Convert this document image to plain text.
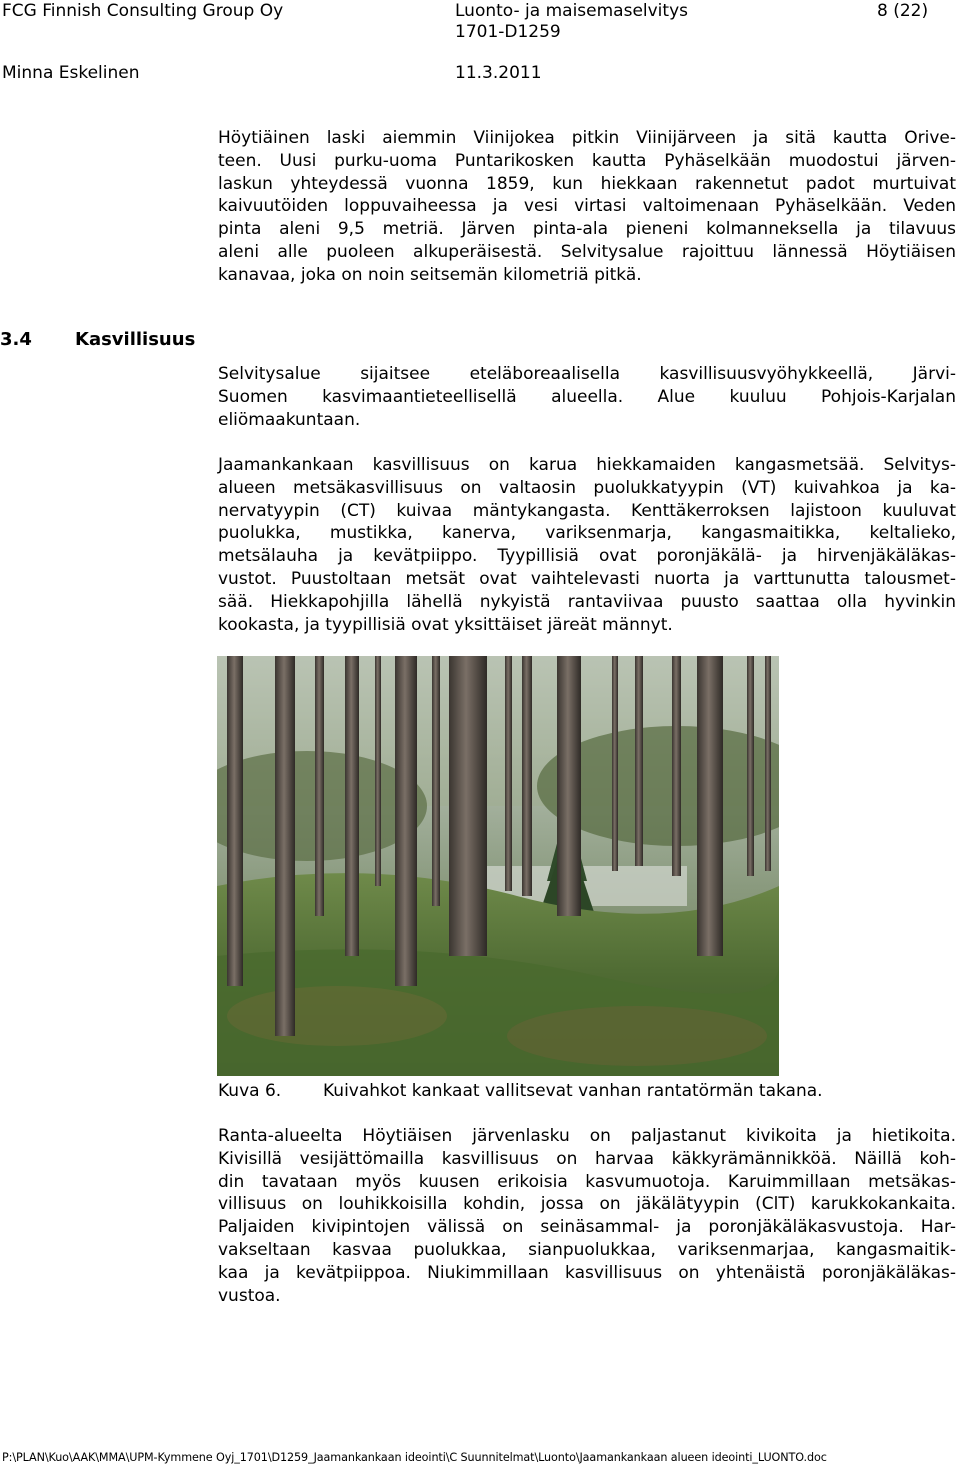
FCG Finnish Consulting Group Oy	Luonto- ja maisemaselvitys
1701-D1259
8 (22)
Minna Eskelinen	11.3.2011
Höytiäinen laski aiemmin Viinijokea pitkin Viinijärveen ja sitä kautta Orive-
teen. Uusi purku-uoma Puntarikosken kautta Pyhäselkään muodostui järven-
laskun yhteydessä vuonna 1859, kun hiekkaan rakennetut padot murtuivat
kaivuutöiden loppuvaiheessa ja vesi virtasi valtoimenaan Pyhäselkään. Veden
pinta aleni 9,5 metriä. Järven pinta-ala pieneni kolmanneksella ja tilavuus
aleni alle puoleen alkuperäisestä. Selvitysalue rajoittuu lännessä Höytiäisen
kanavaa, joka on noin seitsemän kilometriä pitkä.
3.4 Kasvillisuus
Selvitysalue sijaitsee eteläboreaalisella kasvillisuusvyöhykkeellä, Järvi-
Suomen kasvimaantieteellisellä alueella. Alue kuuluu Pohjois-Karjalan
eliömaakuntaan.
Jaamankankaan kasvillisuus on karua hiekkamaiden kangasmetsää. Selvitys-
alueen metsäkasvillisuus on valtaosin puolukkatyypin (VT) kuivahkoa ja ka-
nervatyypin (CT) kuivaa mäntykangasta. Kenttäkerroksen lajistoon kuuluvat
puolukka, mustikka, kanerva, variksenmarja, kangasmaitikka, keltalieko,
metsälauha ja kevätpiippo. Tyypillisiä ovat poronjäkälä- ja hirvenjäkäläkas-
vustot. Puustoltaan metsät ovat vaihtelevasti nuorta ja varttunutta talousmet-
sää. Hiekkapohjilla lähellä nykyistä rantaviivaa puusto saattaa olla hyvinkin
kookasta, ja tyypillisiä ovat yksittäiset järeät männyt.
Kuva 6. Kuivahkot kankaat vallitsevat vanhan rantatörmän takana.
Ranta-alueelta Höytiäisen järvenlasku on paljastanut kivikoita ja hietikoita.
Kivisillä vesijättömailla kasvillisuus on harvaa käkkyrämännikköä. Näillä koh-
din tavataan myös kuusen erikoisia kasvumuotoja. Karuimmillaan metsäkas-
villisuus on louhikkoisilla kohdin, jossa on jäkälätyypin (ClT) karukkokankaita.
Paljaiden kivipintojen välissä on seinäsammal- ja poronjäkäläkasvustoja. Har-
vakseltaan kasvaa puolukkaa, sianpuolukkaa, variksenmarjaa, kangasmaitik-
kaa ja kevätpiippoa. Niukimmillaan kasvillisuus on yhtenäistä poronjäkäläkas-
vustoa.
P:\PLAN\Kuo\AAK\MMA\UPM-Kymmene Oyj_1701\D1259_Jaamankankaan ideointi\C Suunnitelmat\Luonto\Jaamankankaan alueen ideointi_LUONTO.doc
